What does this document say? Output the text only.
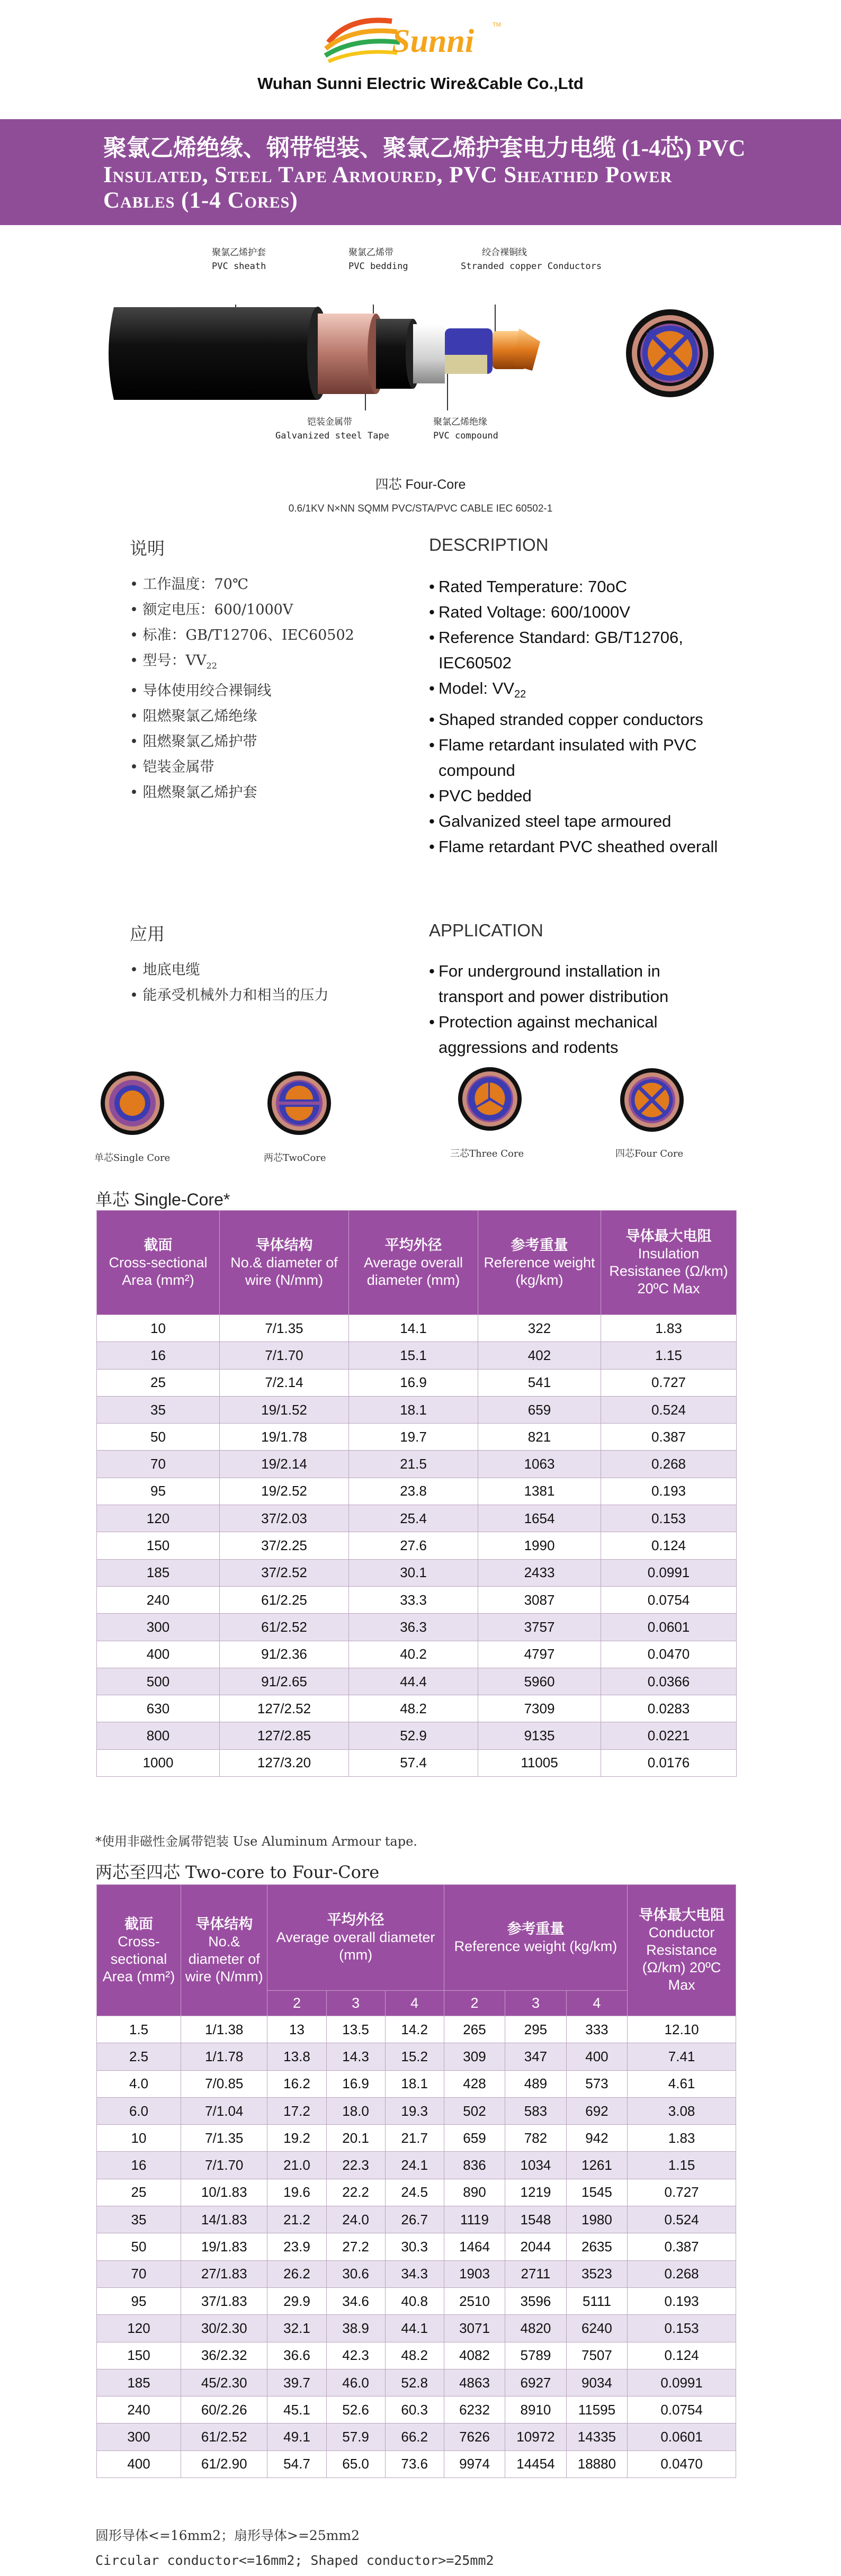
Sunni	TM
Wuhan Sunni Electric Wire&Cable Co.,Ltd
聚氯乙烯绝缘、钢带铠装、聚氯乙烯护套电力电缆 (1-4芯) PVC
Insulated, Steel Tape Armoured, PVC Sheathed Power
Cables (1-4 Cores)
聚氯乙烯护套
PVC sheath
聚氯乙烯带
PVC bedding
绞合裸铜线
Stranded copper Conductors
铠装金属带
Galvanized steel Tape
聚氯乙烯绝缘
PVC compound
四芯 Four-Core
0.6/1KV N×NN SQMM PVC/STA/PVC CABLE IEC 60502-1
说明	DESCRIPTION
• 工作温度：70℃
• 额定电压：600/1000V
• 标准：GB/T12706、IEC60502
• 型号：$VV_{22}$
• 导体使用绞合裸铜线
• 阻燃聚氯乙烯绝缘
• 阻燃聚氯乙烯护带
• 铠装金属带
• 阻燃聚氯乙烯护套
• Rated Temperature: 70oC
• Rated Voltage: 600/1000V
• Reference Standard: GB/T12706, IEC60502
• Model: $VV_{22}$
• Shaped stranded copper conductors
• Flame retardant insulated with PVC compound
• PVC bedded
• Galvanized steel tape armoured
• Flame retardant PVC sheathed overall
应用	APPLICATION
• 地底电缆
• 能承受机械外力和相当的压力
• For underground installation in transport and power distribution
• Protection against mechanical aggressions and rodents
单芯Single Core	两芯TwoCore	三芯Three Core	四芯Four Core
单芯 Single-Core*
截面
Cross-sectional Area (mm²)	导体结构
No.& diameter of wire (N/mm)	平均外径
Average overall diameter (mm)	参考重量
Reference weight (kg/km)	导体最大电阻
Insulation Resistanee (Ω/km) 20ºC Max
10	7/1.35	14.1	322	1.83
16	7/1.70	15.1	402	1.15
25	7/2.14	16.9	541	0.727
35	19/1.52	18.1	659	0.524
50	19/1.78	19.7	821	0.387
70	19/2.14	21.5	1063	0.268
95	19/2.52	23.8	1381	0.193
120	37/2.03	25.4	1654	0.153
150	37/2.25	27.6	1990	0.124
185	37/2.52	30.1	2433	0.0991
240	61/2.25	33.3	3087	0.0754
300	61/2.52	36.3	3757	0.0601
400	91/2.36	40.2	4797	0.0470
500	91/2.65	44.4	5960	0.0366
630	127/2.52	48.2	7309	0.0283
800	127/2.85	52.9	9135	0.0221
1000	127/3.20	57.4	11005	0.0176
*使用非磁性金属带铠装 Use Aluminum Armour tape.
两芯至四芯 Two-core to Four-Core
截面
Cross-sectional Area (mm²)	导体结构
No.& diameter of wire (N/mm)	平均外径
Average overall diameter (mm)			参考重量
Reference weight (kg/km)			导体最大电阻
Conductor Resistance (Ω/km) 20ºC Max
		2	3	4	2	3	4	
1.5	1/1.38	13	13.5	14.2	265	295	333	12.10
2.5	1/1.78	13.8	14.3	15.2	309	347	400	7.41
4.0	7/0.85	16.2	16.9	18.1	428	489	573	4.61
6.0	7/1.04	17.2	18.0	19.3	502	583	692	3.08
10	7/1.35	19.2	20.1	21.7	659	782	942	1.83
16	7/1.70	21.0	22.3	24.1	836	1034	1261	1.15
25	10/1.83	19.6	22.2	24.5	890	1219	1545	0.727
35	14/1.83	21.2	24.0	26.7	1119	1548	1980	0.524
50	19/1.83	23.9	27.2	30.3	1464	2044	2635	0.387
70	27/1.83	26.2	30.6	34.3	1903	2711	3523	0.268
95	37/1.83	29.9	34.6	40.8	2510	3596	5111	0.193
120	30/2.30	32.1	38.9	44.1	3071	4820	6240	0.153
150	36/2.32	36.6	42.3	48.2	4082	5789	7507	0.124
185	45/2.30	39.7	46.0	52.8	4863	6927	9034	0.0991
240	60/2.26	45.1	52.6	60.3	6232	8910	11595	0.0754
300	61/2.52	49.1	57.9	66.2	7626	10972	14335	0.0601
400	61/2.90	54.7	65.0	73.6	9974	14454	18880	0.0470
圆形导体<=16mm2；扇形导体>=25mm2
Circular conductor<=16mm2; Shaped conductor>=25mm2
